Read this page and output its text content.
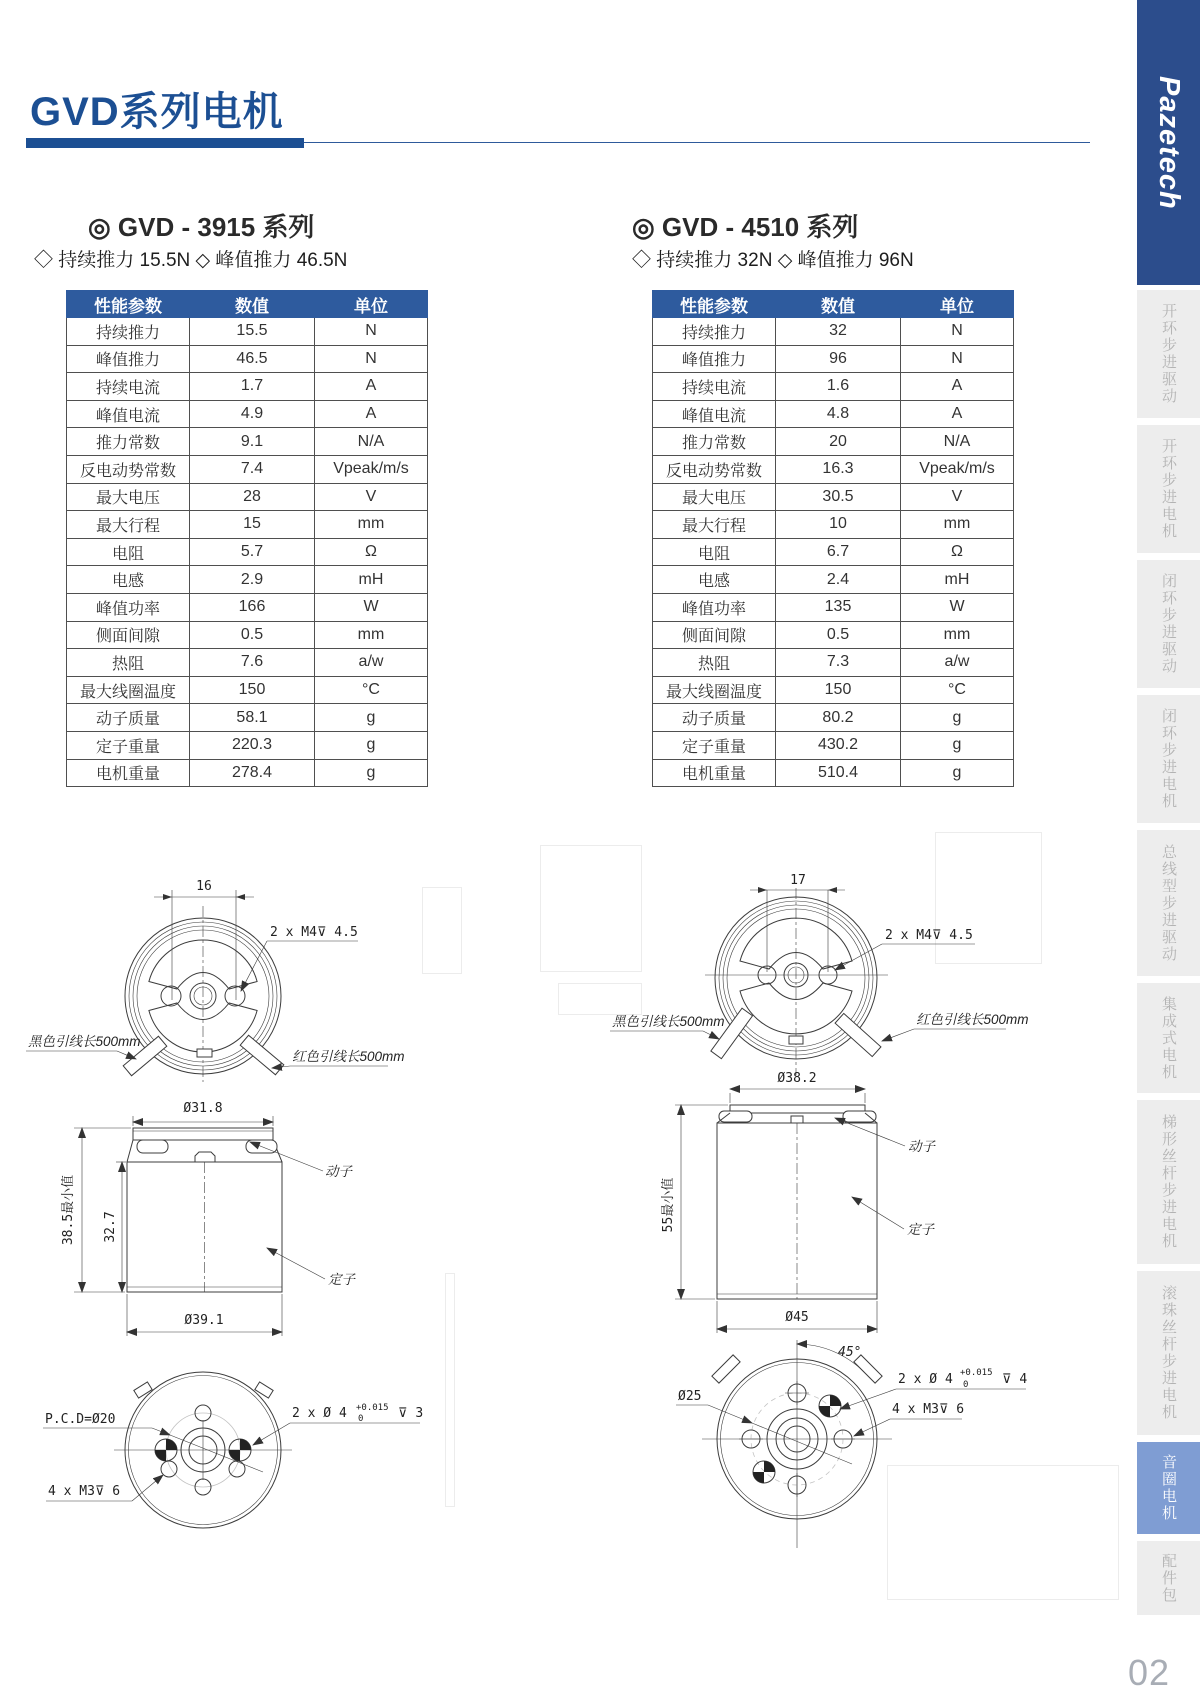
GVD系列电机
◎ GVD - 3915 系列

◇ 持续推力 15.5N ◇ 峰值推力 46.5N

性能参数	数值	单位
持续推力	15.5	N
峰值推力	46.5	N
持续电流	1.7	A
峰值电流	4.9	A
推力常数	9.1	N/A
反电动势常数	7.4	Vpeak/m/s
最大电压	28	V
最大行程	15	mm
电阻	5.7	Ω
电感	2.9	mH
峰值功率	166	W
侧面间隙	0.5	mm
热阻	7.6	a/w
最大线圈温度	150	°C
动子质量	58.1	g
定子重量	220.3	g
电机重量	278.4	g
◎ GVD - 4510 系列

◇ 持续推力 32N ◇ 峰值推力 96N

性能参数	数值	单位
持续推力	32	N
峰值推力	96	N
持续电流	1.6	A
峰值电流	4.8	A
推力常数	20	N/A
反电动势常数	16.3	Vpeak/m/s
最大电压	30.5	V
最大行程	10	mm
电阻	6.7	Ω
电感	2.4	mH
峰值功率	135	W
侧面间隙	0.5	mm
热阻	7.3	a/w
最大线圈温度	150	°C
动子质量	80.2	g
定子重量	430.2	g
电机重量	510.4	g
16
2 x M4⊽ 4.5
黑色引线长500mm
红色引线长500mm
Ø31.8
动子
定子
38.5最小值 32.7
Ø39.1
P.C.D=Ø20	2 x Ø 4 +0.015
0	⊽ 3
4 x M3⊽ 6
17
2 x M4⊽ 4.5
黑色引线长500mm	红色引线长500mm
Ø38.2
动子
定子
55最小值
Ø45
45°
Ø25
2 x Ø 4 +0.015
0	⊽ 4
4 x M3⊽ 6
Pazetech
开环步进驱动
开环步进电机
闭环步进驱动
闭环步进电机
总线型步进驱动
集成式电机
梯形丝杆步进电机
滚珠丝杆步进电机
音圈电机
配件包
02
